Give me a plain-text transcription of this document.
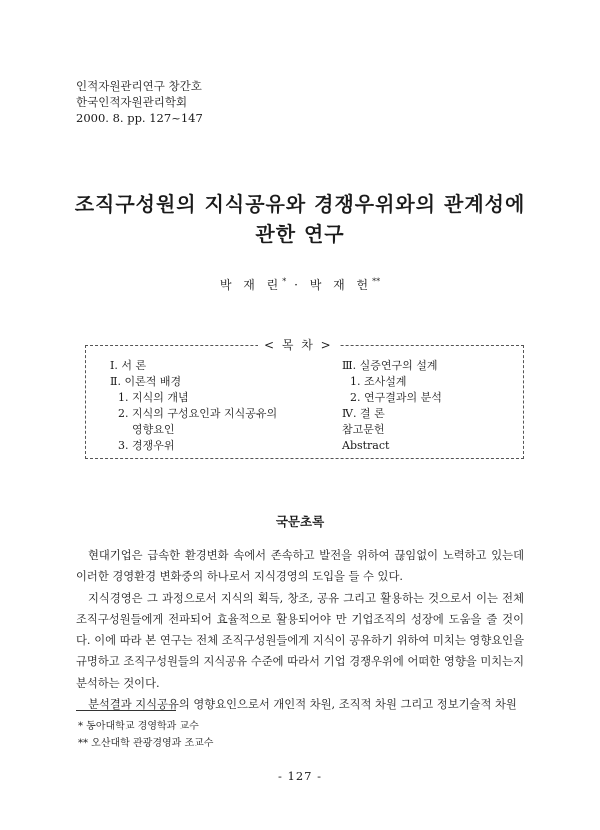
인적자원관리연구 창간호
한국인적자원관리학회
2000. 8. pp. 127~147
조직구성원의 지식공유와 경쟁우위와의 관계성에
관한 연구
박 재 린* · 박 재 헌**
< 목 차 >
Ⅰ. 서 론
Ⅱ. 이론적 배경
1. 지식의 개념
2. 지식의 구성요인과 지식공유의
영향요인
3. 경쟁우위
Ⅲ. 실증연구의 설계
1. 조사설계
2. 연구결과의 분석
Ⅳ. 결 론
참고문헌
Abstract
국문초록

현대기업은 급속한 환경변화 속에서 존속하고 발전을 위하여 끊임없이 노력하고 있는데 이러한 경영환경 변화중의 하나로서 지식경영의 도입을 들 수 있다.

지식경영은 그 과정으로서 지식의 획득, 창조, 공유 그리고 활용하는 것으로서 이는 전체 조직구성원들에게 전파되어 효율적으로 활용되어야 만 기업조직의 성장에 도움을 줄 것이다. 이에 따라 본 연구는 전체 조직구성원들에게 지식이 공유하기 위하여 미치는 영향요인을 규명하고 조직구성원들의 지식공유 수준에 따라서 기업 경쟁우위에 어떠한 영향을 미치는지 분석하는 것이다.

분석결과 지식공유의 영향요인으로서 개인적 차원, 조직적 차원 그리고 정보기술적 차원

* 동아대학교 경영학과 교수
** 오산대학 관광경영과 조교수
- 127 -
